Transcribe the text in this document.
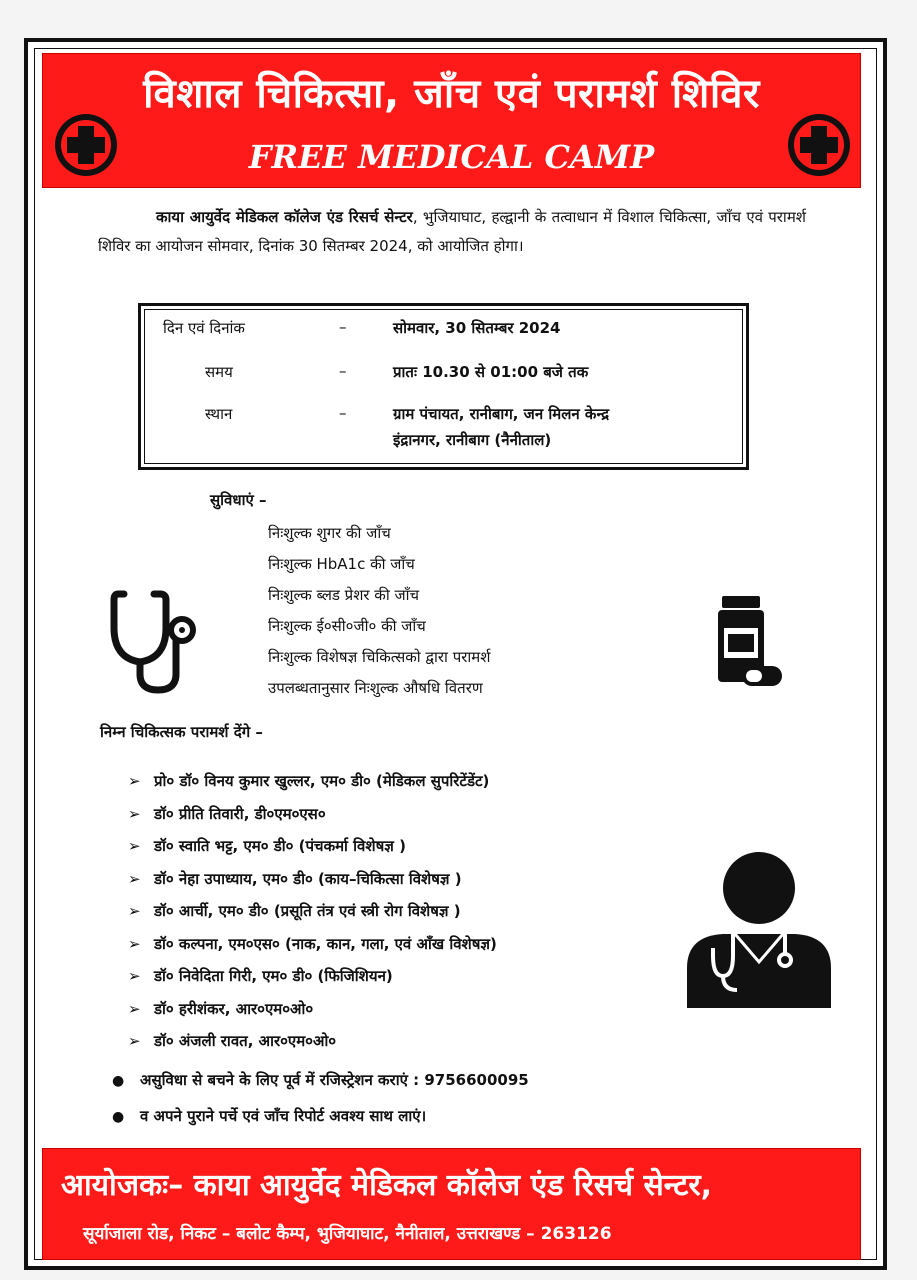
विशाल चिकित्सा, जाँच एवं परामर्श शिविर
FREE MEDICAL CAMP
काया आयुर्वेद मेडिकल कॉलेज एंड रिसर्च सेन्टर, भुजियाघाट, हल्द्वानी के तत्वाधान में विशाल चिकित्सा, जाँच एवं परामर्श शिविर का आयोजन सोमवार, दिनांक 30 सितम्बर 2024, को आयोजित होगा।
दिन एवं दिनांक	–	सोमवार, 30 सितम्बर 2024
समय	–	प्रातः 10.30 से 01:00 बजे तक
स्थान	–	ग्राम पंचायत, रानीबाग, जन मिलन केन्द्र
इंद्रानगर, रानीबाग (नैनीताल)
सुविधाएं –
निःशुल्क शुगर की जाँच
निःशुल्क HbA1c की जाँच
निःशुल्क ब्लड प्रेशर की जाँच
निःशुल्क ई०सी०जी० की जाँच
निःशुल्क विशेषज्ञ चिकित्सको द्वारा परामर्श
उपलब्धतानुसार निःशुल्क औषधि वितरण
निम्न चिकित्सक परामर्श देंगे –
➢ प्रो० डॉ० विनय कुमार खुल्लर, एम० डी० (मेडिकल सुपरिटेंडेंट)
➢ डॉ० प्रीति तिवारी, डी०एम०एस०
➢ डॉ० स्वाति भट्ट, एम० डी० (पंचकर्मा विशेषज्ञ )
➢ डॉ० नेहा उपाध्याय, एम० डी० (काय–चिकित्सा विशेषज्ञ )
➢ डॉ० आर्ची, एम० डी० (प्रसूति तंत्र एवं स्त्री रोग विशेषज्ञ )
➢ डॉ० कल्पना, एम०एस० (नाक, कान, गला, एवं आँख विशेषज्ञ)
➢ डॉ० निवेदिता गिरी, एम० डी० (फिजिशियन)
➢ डॉ० हरीशंकर, आर०एम०ओ०
➢ डॉ० अंजली रावत, आर०एम०ओ०
● असुविधा से बचने के लिए पूर्व में रजिस्ट्रेशन कराएं : 9756600095
● व अपने पुराने पर्चे एवं जाँच रिपोर्ट अवश्य साथ लाएं।
आयोजकः– काया आयुर्वेद मेडिकल कॉलेज एंड रिसर्च सेन्टर,
सूर्याजाला रोड, निकट – बलोट कैम्प, भुजियाघाट, नैनीताल, उत्तराखण्ड – 263126
